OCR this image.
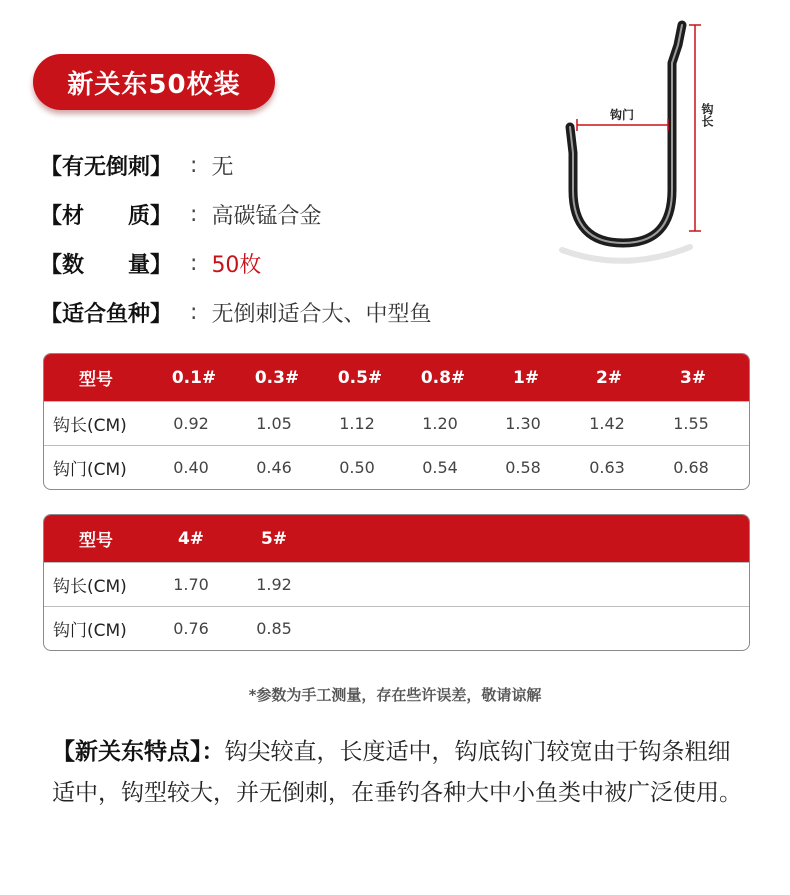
新关东50枚装
【有无倒刺】 : 无
【材　　质】 : 高碳锰合金
【数　　量】 : 50枚
【适合鱼种】 : 无倒刺适合大、中型鱼
钩门	钩长
型号	0.1#	0.3#	0.5#	0.8#	1#	2#	3#
钩长(CM)	0.92	1.05	1.12	1.20	1.30	1.42	1.55
钩门(CM)	0.40	0.46	0.50	0.54	0.58	0.63	0.68
型号	4#	5#
钩长(CM)	1.70	1.92
钩门(CM)	0.76	0.85
*参数为手工测量，存在些许误差，敬请谅解
【新关东特点】：钩尖较直，长度适中，钩底钩门较宽由于钩条粗细适中，钩型较大，并无倒刺，在垂钓各种大中小鱼类中被广泛使用。
